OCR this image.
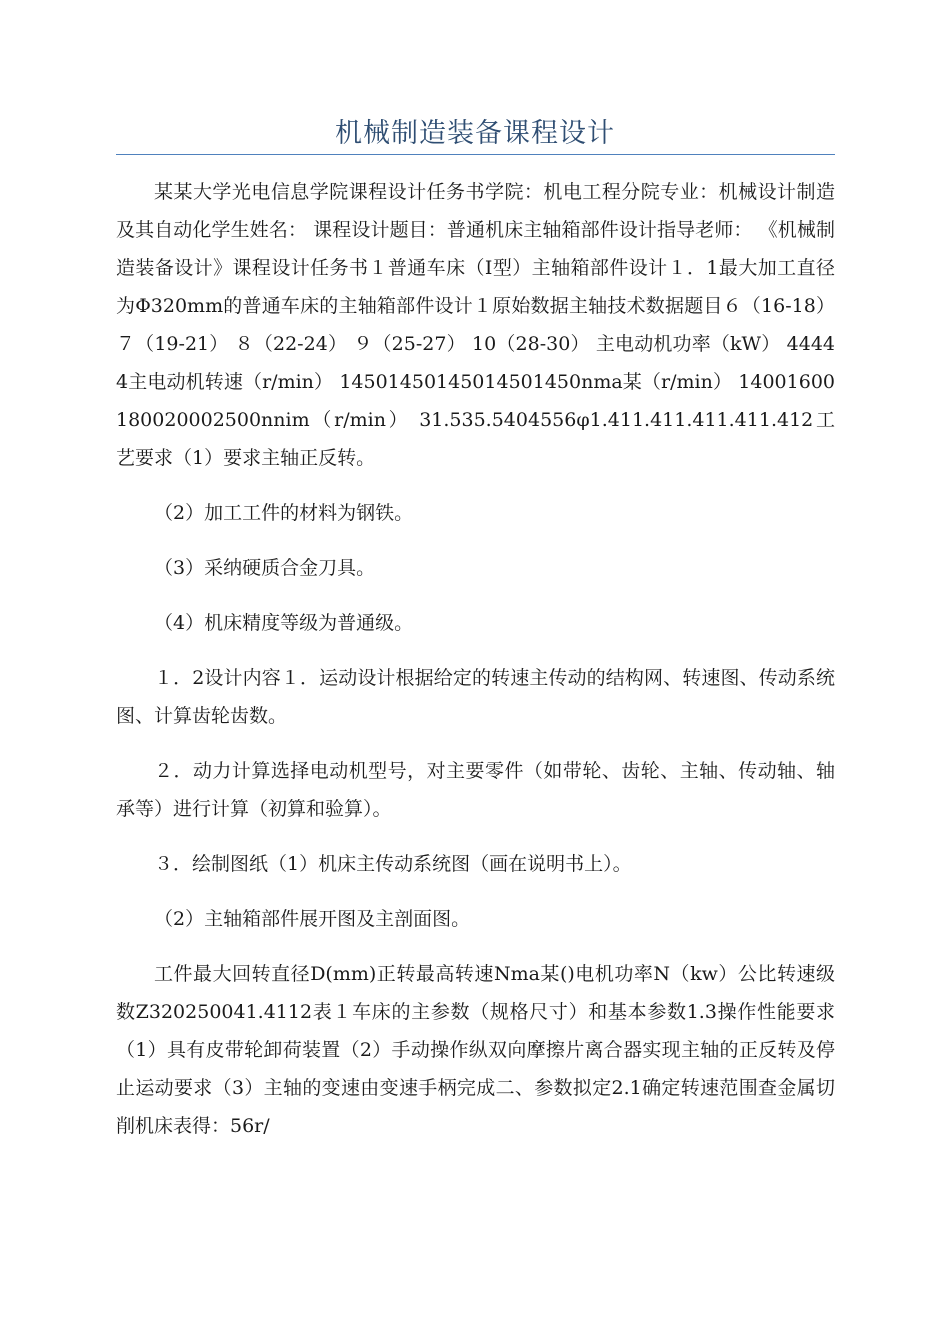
机械制造装备课程设计

某某大学光电信息学院课程设计任务书学院：机电工程分院专业：机械设计制造及其自动化学生姓名： 课程设计题目：普通机床主轴箱部件设计指导老师： 《机械制造装备设计》课程设计任务书１普通车床（Ⅰ型）主轴箱部件设计１．1最大加工直径为Φ320mm的普通车床的主轴箱部件设计１原始数据主轴技术数据题目６（16-18） ７（19-21） ８（22-24） ９（25-27） 10（28-30） 主电动机功率（kW） 44444主电动机转速（r/min） 14501450145014501450nma某（r/min） 14001600180020002500nnim（r/min） 31.535.5404556φ1.411.411.411.411.412工艺要求（1）要求主轴正反转。

（2）加工工件的材料为钢铁。

（3）采纳硬质合金刀具。

（4）机床精度等级为普通级。

１．2设计内容１．运动设计根据给定的转速主传动的结构网、转速图、传动系统图、计算齿轮齿数。

２．动力计算选择电动机型号，对主要零件（如带轮、齿轮、主轴、传动轴、轴承等）进行计算（初算和验算）。

３．绘制图纸（1）机床主传动系统图（画在说明书上）。

（2）主轴箱部件展开图及主剖面图。

工件最大回转直径D(mm)正转最高转速Nma某()电机功率N（kw）公比转速级数Z320250041.4112表１车床的主参数（规格尺寸）和基本参数1.3操作性能要求（1）具有皮带轮卸荷装置（2）手动操作纵双向摩擦片离合器实现主轴的正反转及停止运动要求（3）主轴的变速由变速手柄完成二、参数拟定2.1确定转速范围查金属切削机床表得：56r/
